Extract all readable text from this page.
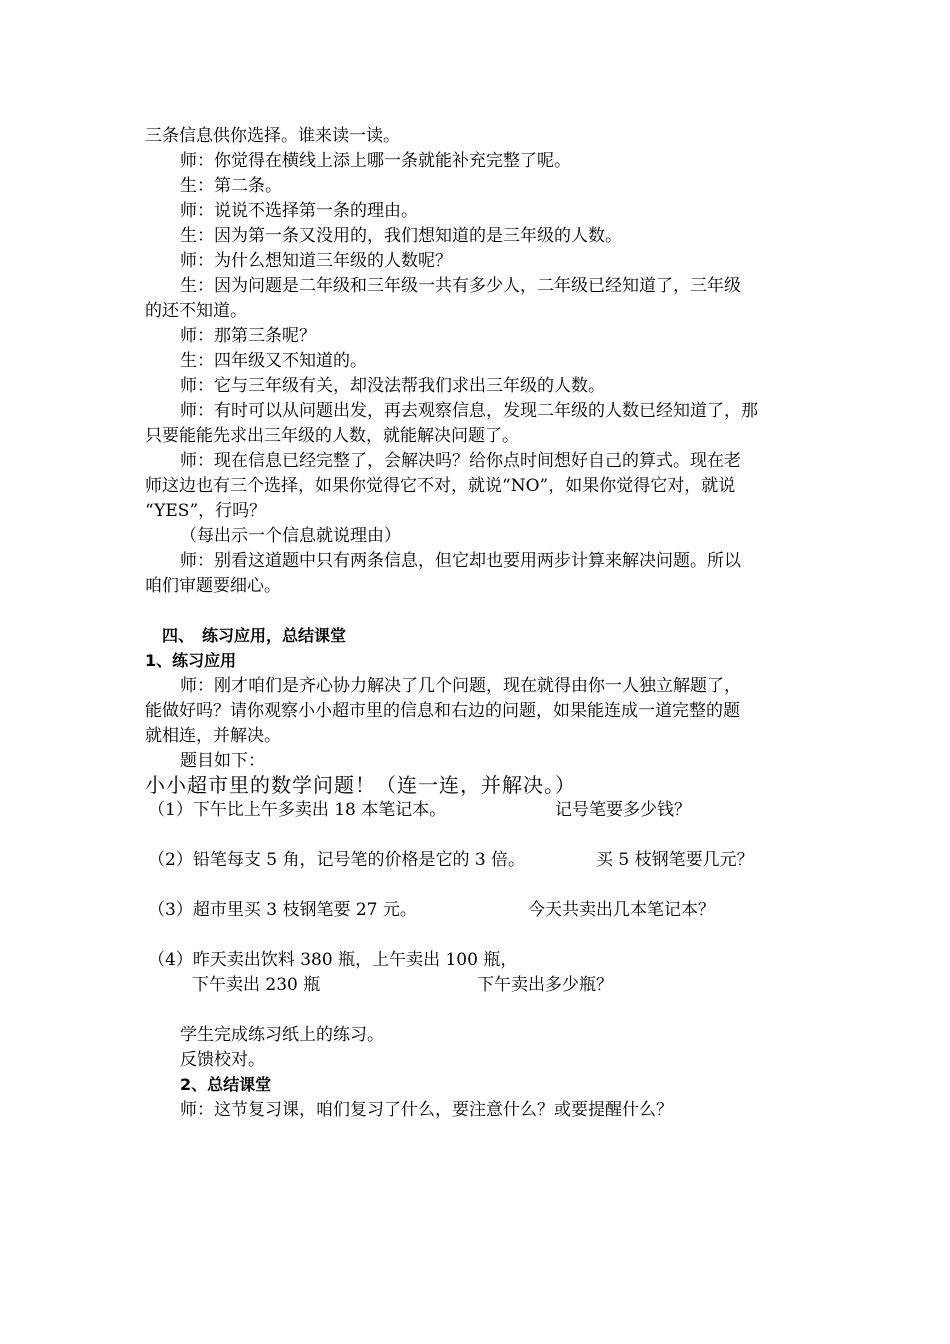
三条信息供你选择。谁来读一读。
师：你觉得在横线上添上哪一条就能补充完整了呢。
生：第二条。
师：说说不选择第一条的理由。
生：因为第一条又没用的，我们想知道的是三年级的人数。
师：为什么想知道三年级的人数呢？
生：因为问题是二年级和三年级一共有多少人，二年级已经知道了，三年级
的还不知道。
师：那第三条呢？
生：四年级又不知道的。
师：它与三年级有关，却没法帮我们求出三年级的人数。
师：有时可以从问题出发，再去观察信息，发现二年级的人数已经知道了，那
只要能能先求出三年级的人数，就能解决问题了。
师：现在信息已经完整了，会解决吗？给你点时间想好自己的算式。现在老
师这边也有三个选择，如果你觉得它不对，就说“NO”，如果你觉得它对，就说
“YES”，行吗？
（每出示一个信息就说理由）
师：别看这道题中只有两条信息，但它却也要用两步计算来解决问题。所以
咱们审题要细心。
四、　练习应用，总结课堂
1、练习应用
师：刚才咱们是齐心协力解决了几个问题，现在就得由你一人独立解题了，
能做好吗？请你观察小小超市里的信息和右边的问题，如果能连成一道完整的题
就相连，并解决。
题目如下：
小小超市里的数学问题！（连一连，并解决。）
（1）下午比上午多卖出 18 本笔记本。	记号笔要多少钱？
（2）铅笔每支 5 角，记号笔的价格是它的 3 倍。	买 5 枝钢笔要几元？
（3）超市里买 3 枝钢笔要 27 元。	今天共卖出几本笔记本？
（4）昨天卖出饮料 380 瓶，上午卖出 100 瓶，
下午卖出 230 瓶	下午卖出多少瓶？
学生完成练习纸上的练习。
反馈校对。
2、总结课堂
师：这节复习课，咱们复习了什么，要注意什么？或要提醒什么？
